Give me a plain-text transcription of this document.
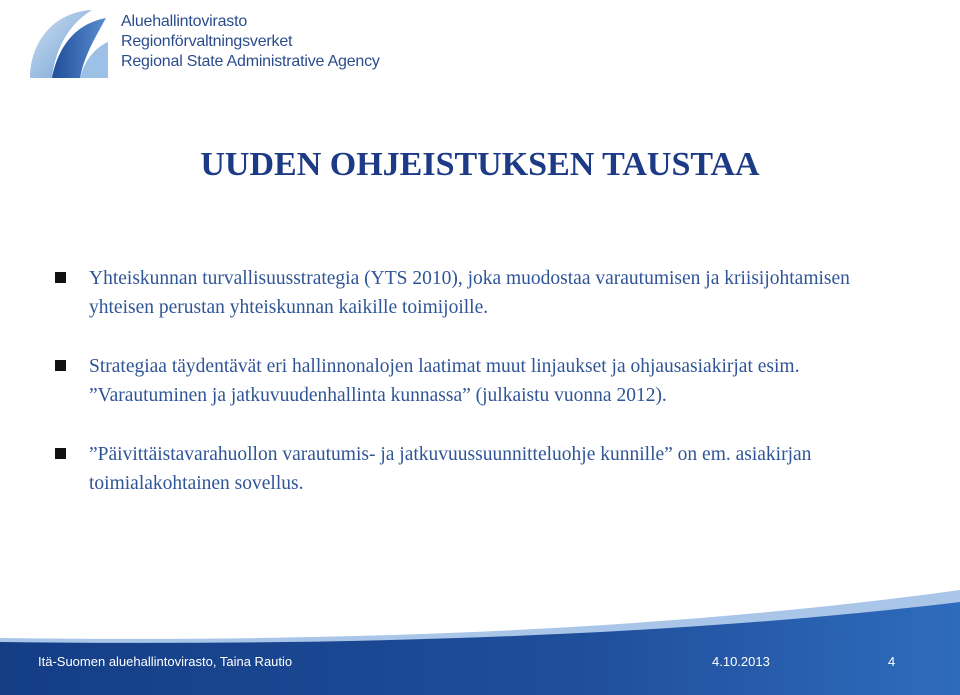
Aluehallintovirasto
Regionförvaltningsverket
Regional State Administrative Agency
UUDEN OHJEISTUKSEN TAUSTAA

Yhteiskunnan turvallisuusstrategia (YTS 2010), joka muodostaa varautumisen ja kriisijohtamisen yhteisen perustan yhteiskunnan kaikille toimijoille.

Strategiaa täydentävät eri hallinnonalojen laatimat muut linjaukset ja ohjausasiakirjat esim. ”Varautuminen ja jatkuvuudenhallinta kunnassa” (julkaistu vuonna 2012).

”Päivittäistavarahuollon varautumis- ja jatkuvuussuunnitteluohje kunnille” on em. asiakirjan toimialakohtainen sovellus.

Itä-Suomen aluehallintovirasto, Taina Rautio	4.10.2013	4
